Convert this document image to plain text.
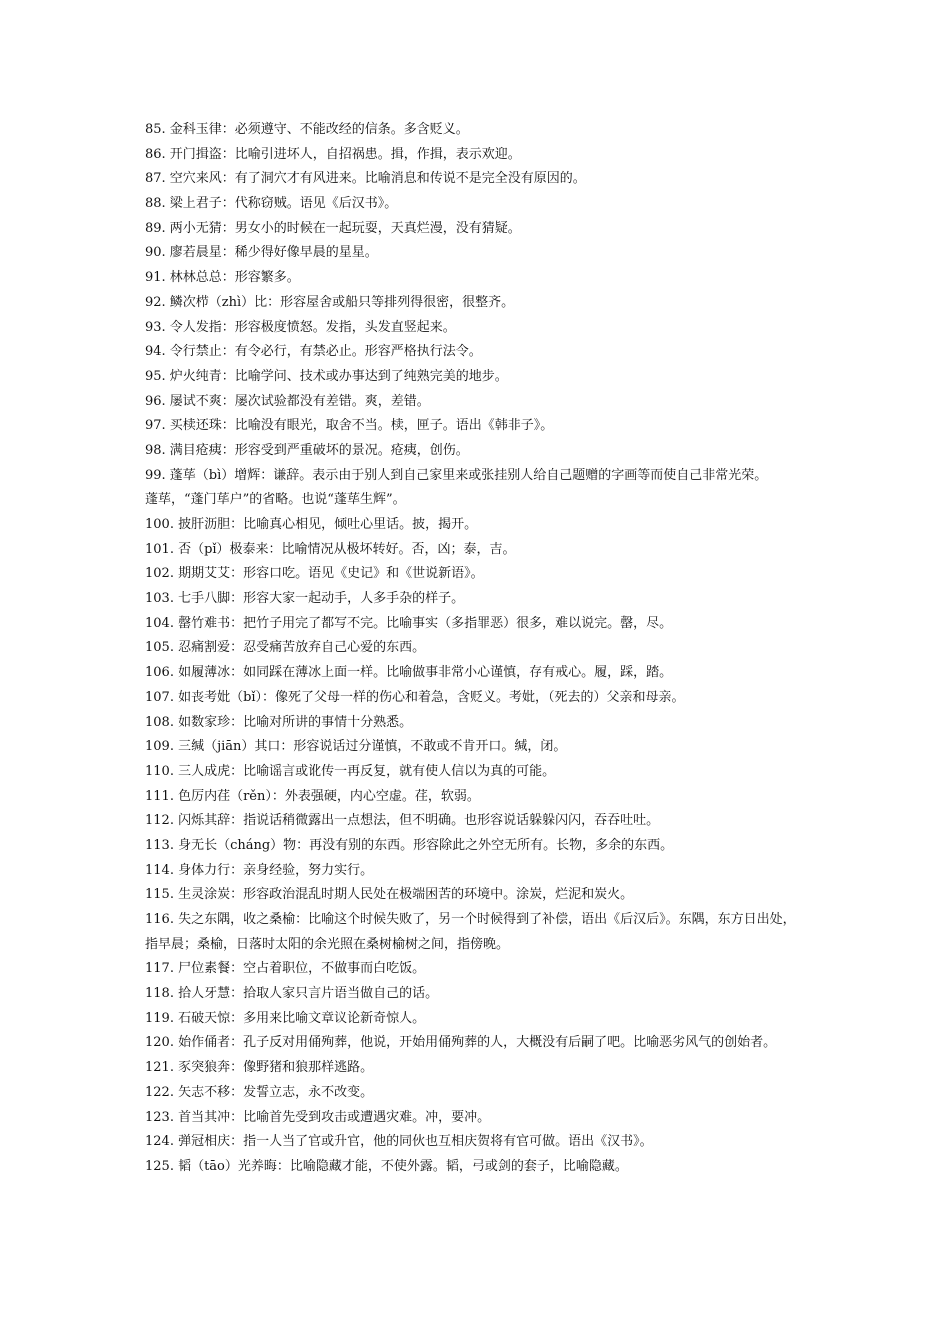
85. 金科玉律：必须遵守、不能改经的信条。多含贬义。
86. 开门揖盗：比喻引进坏人，自招祸患。揖，作揖，表示欢迎。
87. 空穴来风：有了洞穴才有风进来。比喻消息和传说不是完全没有原因的。
88. 梁上君子：代称窃贼。语见《后汉书》。
89. 两小无猜：男女小的时候在一起玩耍，天真烂漫，没有猜疑。
90. 廖若晨星：稀少得好像早晨的星星。
91. 林林总总：形容繁多。
92. 鳞次栉（zhì）比：形容屋舍或船只等排列得很密，很整齐。
93. 令人发指：形容极度愤怒。发指，头发直竖起来。
94. 令行禁止：有令必行，有禁必止。形容严格执行法令。
95. 炉火纯青：比喻学问、技术或办事达到了纯熟完美的地步。
96. 屡试不爽：屡次试验都没有差错。爽，差错。
97. 买椟还珠：比喻没有眼光，取舍不当。椟，匣子。语出《韩非子》。
98. 满目疮痍：形容受到严重破坏的景况。疮痍，创伤。
99. 蓬荜（bì）增辉：谦辞。表示由于别人到自己家里来或张挂别人给自己题赠的字画等而使自己非常光荣。
蓬荜，“蓬门荜户”的省略。也说“蓬荜生辉”。
100. 披肝沥胆：比喻真心相见，倾吐心里话。披，揭开。
101. 否（pǐ）极泰来：比喻情况从极坏转好。否，凶；泰，吉。
102. 期期艾艾：形容口吃。语见《史记》和《世说新语》。
103. 七手八脚：形容大家一起动手，人多手杂的样子。
104. 罄竹难书：把竹子用完了都写不完。比喻事实（多指罪恶）很多，难以说完。罄，尽。
105. 忍痛割爱：忍受痛苦放弃自己心爱的东西。
106. 如履薄冰：如同踩在薄冰上面一样。比喻做事非常小心谨慎，存有戒心。履，踩，踏。
107. 如丧考妣（bǐ）：像死了父母一样的伤心和着急，含贬义。考妣，（死去的）父亲和母亲。
108. 如数家珍：比喻对所讲的事情十分熟悉。
109. 三缄（jiān）其口：形容说话过分谨慎，不敢或不肯开口。缄，闭。
110. 三人成虎：比喻谣言或讹传一再反复，就有使人信以为真的可能。
111. 色厉内荏（rěn）：外表强硬，内心空虚。荏，软弱。
112. 闪烁其辞：指说话稍微露出一点想法，但不明确。也形容说话躲躲闪闪，吞吞吐吐。
113. 身无长（cháng）物：再没有别的东西。形容除此之外空无所有。长物，多余的东西。
114. 身体力行：亲身经验，努力实行。
115. 生灵涂炭：形容政治混乱时期人民处在极端困苦的环境中。涂炭，烂泥和炭火。
116. 失之东隅，收之桑榆：比喻这个时候失败了，另一个时候得到了补偿，语出《后汉后》。东隅，东方日出处，
指早晨；桑榆，日落时太阳的余光照在桑树榆树之间，指傍晚。
117. 尸位素餐：空占着职位，不做事而白吃饭。
118. 拾人牙慧：拾取人家只言片语当做自己的话。
119. 石破天惊：多用来比喻文章议论新奇惊人。
120. 始作俑者：孔子反对用俑殉葬，他说，开始用俑殉葬的人，大概没有后嗣了吧。比喻恶劣风气的创始者。
121. 豕突狼奔：像野猪和狼那样逃路。
122. 矢志不移：发誓立志，永不改变。
123. 首当其冲：比喻首先受到攻击或遭遇灾难。冲，要冲。
124. 弹冠相庆：指一人当了官或升官，他的同伙也互相庆贺将有官可做。语出《汉书》。
125. 韬（tāo）光养晦：比喻隐藏才能，不使外露。韬，弓或剑的套子，比喻隐藏。
